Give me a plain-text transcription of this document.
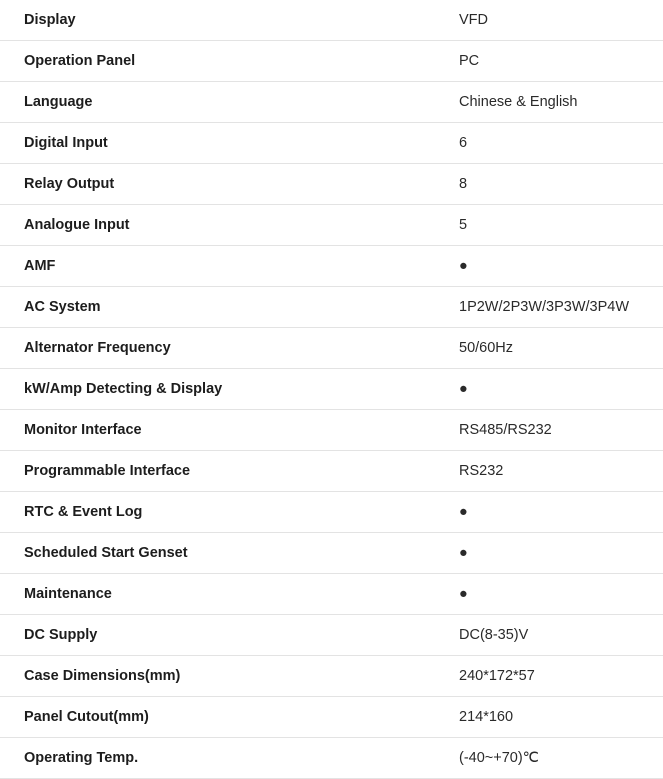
Display	VFD
Operation Panel	PC
Language	Chinese & English
Digital Input	6
Relay Output	8
Analogue Input	5
AMF	●
AC System	1P2W/2P3W/3P3W/3P4W
Alternator Frequency	50/60Hz
kW/Amp Detecting & Display	●
Monitor Interface	RS485/RS232
Programmable Interface	RS232
RTC & Event Log	●
Scheduled Start Genset	●
Maintenance	●
DC Supply	DC(8-35)V
Case Dimensions(mm)	240*172*57
Panel Cutout(mm)	214*160
Operating Temp.	(-40~+70)℃
